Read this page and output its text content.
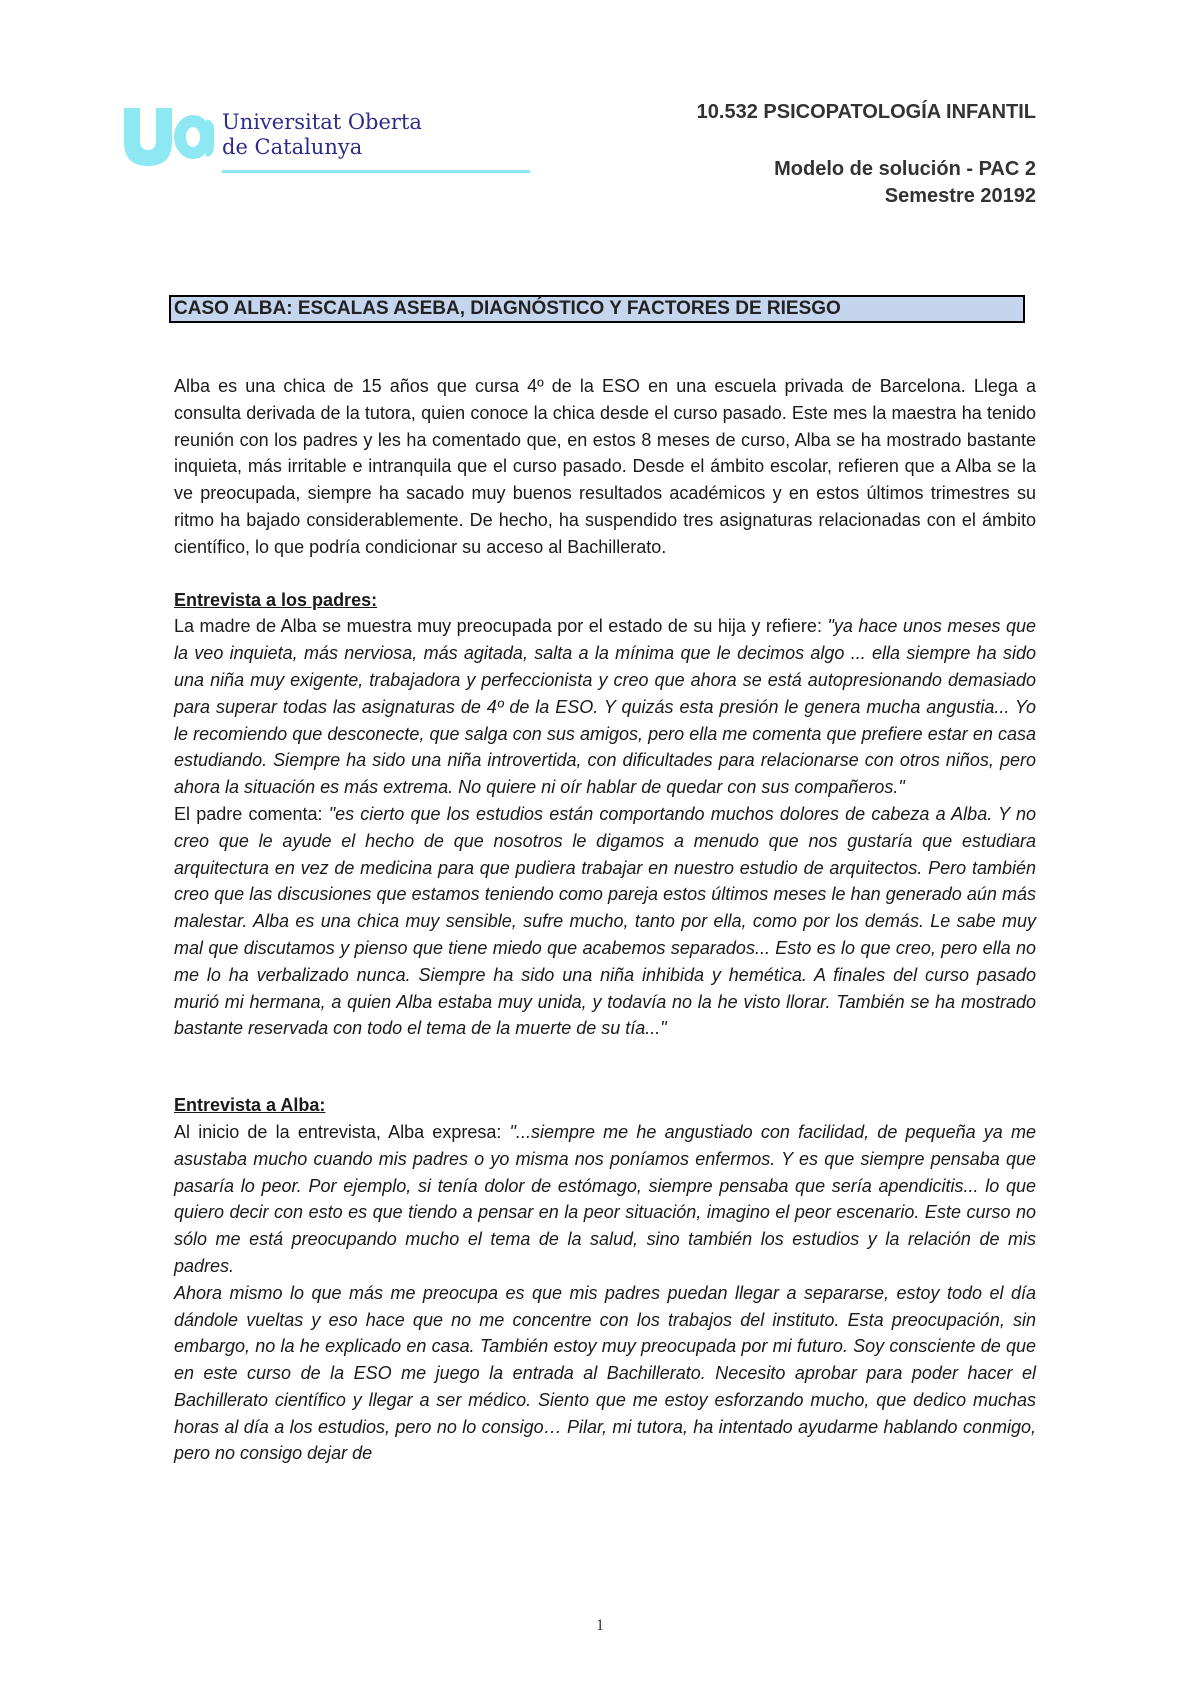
Universitat Oberta
de Catalunya
10.532 PSICOPATOLOGÍA INFANTIL
Modelo de solución - PAC 2
Semestre 20192
CASO ALBA: ESCALAS ASEBA, DIAGNÓSTICO Y FACTORES DE RIESGO

Alba es una chica de 15 años que cursa 4º de la ESO en una escuela privada de Barcelona. Llega a consulta derivada de la tutora, quien conoce la chica desde el curso pasado. Este mes la maestra ha tenido reunión con los padres y les ha comentado que, en estos 8 meses de curso, Alba se ha mostrado bastante inquieta, más irritable e intranquila que el curso pasado. Desde el ámbito escolar, refieren que a Alba se la ve preocupada, siempre ha sacado muy buenos resultados académicos y en estos últimos trimestres su ritmo ha bajado considerablemente. De hecho, ha suspendido tres asignaturas relacionadas con el ámbito científico, lo que podría condicionar su acceso al Bachillerato.

Entrevista a los padres:

La madre de Alba se muestra muy preocupada por el estado de su hija y refiere: "ya hace unos meses que la veo inquieta, más nerviosa, más agitada, salta a la mínima que le decimos algo ... ella siempre ha sido una niña muy exigente, trabajadora y perfeccionista y creo que ahora se está autopresionando demasiado para superar todas las asignaturas de 4º de la ESO. Y quizás esta presión le genera mucha angustia... Yo le recomiendo que desconecte, que salga con sus amigos, pero ella me comenta que prefiere estar en casa estudiando. Siempre ha sido una niña introvertida, con dificultades para relacionarse con otros niños, pero ahora la situación es más extrema. No quiere ni oír hablar de quedar con sus compañeros."

El padre comenta: "es cierto que los estudios están comportando muchos dolores de cabeza a Alba. Y no creo que le ayude el hecho de que nosotros le digamos a menudo que nos gustaría que estudiara arquitectura en vez de medicina para que pudiera trabajar en nuestro estudio de arquitectos. Pero también creo que las discusiones que estamos teniendo como pareja estos últimos meses le han generado aún más malestar. Alba es una chica muy sensible, sufre mucho, tanto por ella, como por los demás. Le sabe muy mal que discutamos y pienso que tiene miedo que acabemos separados... Esto es lo que creo, pero ella no me lo ha verbalizado nunca. Siempre ha sido una niña inhibida y hemética. A finales del curso pasado murió mi hermana, a quien Alba estaba muy unida, y todavía no la he visto llorar. También se ha mostrado bastante reservada con todo el tema de la muerte de su tía..."

Entrevista a Alba:

Al inicio de la entrevista, Alba expresa: "...siempre me he angustiado con facilidad, de pequeña ya me asustaba mucho cuando mis padres o yo misma nos poníamos enfermos. Y es que siempre pensaba que pasaría lo peor. Por ejemplo, si tenía dolor de estómago, siempre pensaba que sería apendicitis... lo que quiero decir con esto es que tiendo a pensar en la peor situación, imagino el peor escenario. Este curso no sólo me está preocupando mucho el tema de la salud, sino también los estudios y la relación de mis padres.

Ahora mismo lo que más me preocupa es que mis padres puedan llegar a separarse, estoy todo el día dándole vueltas y eso hace que no me concentre con los trabajos del instituto. Esta preocupación, sin embargo, no la he explicado en casa. También estoy muy preocupada por mi futuro. Soy consciente de que en este curso de la ESO me juego la entrada al Bachillerato. Necesito aprobar para poder hacer el Bachillerato científico y llegar a ser médico. Siento que me estoy esforzando mucho, que dedico muchas horas al día a los estudios, pero no lo consigo… Pilar, mi tutora, ha intentado ayudarme hablando conmigo, pero no consigo dejar de

1
